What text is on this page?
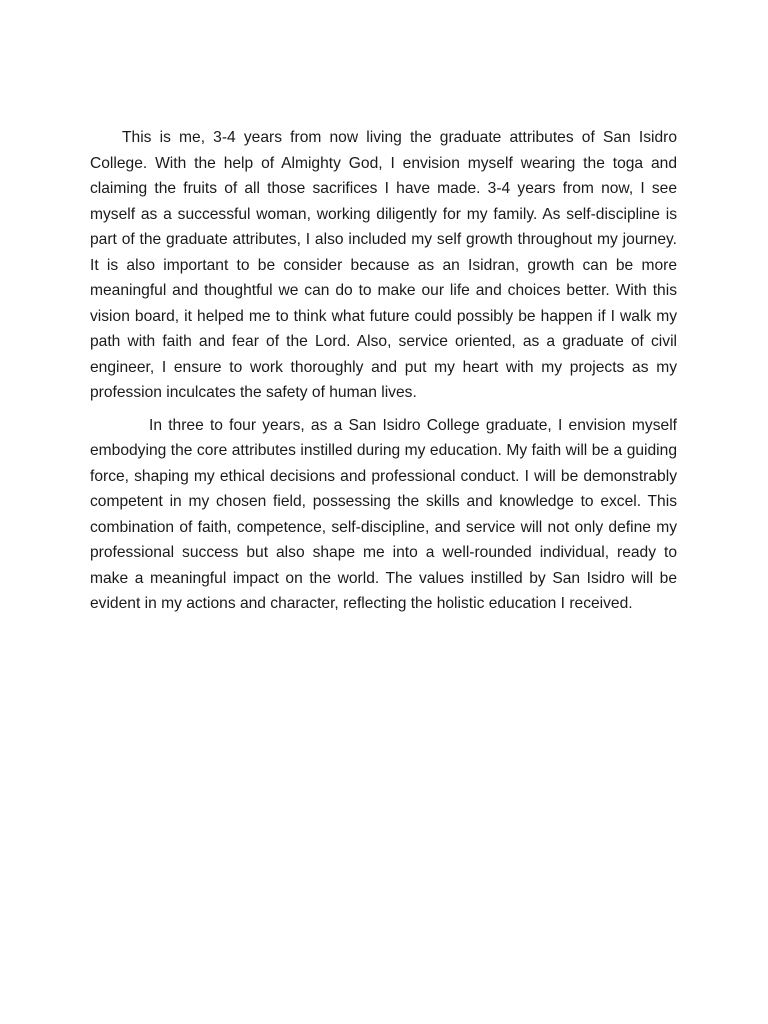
This is me, 3-4 years from now living the graduate attributes of San Isidro College. With the help of Almighty God, I envision myself wearing the toga and claiming the fruits of all those sacrifices I have made. 3-4 years from now, I see myself as a successful woman, working diligently for my family. As self-discipline is part of the graduate attributes, I also included my self growth throughout my journey. It is also important to be consider because as an Isidran, growth can be more meaningful and thoughtful we can do to make our life and choices better. With this vision board, it helped me to think what future could possibly be happen if I walk my path with faith and fear of the Lord. Also, service oriented, as a graduate of civil engineer, I ensure to work thoroughly and put my heart with my projects as my profession inculcates the safety of human lives.

In three to four years, as a San Isidro College graduate, I envision myself embodying the core attributes instilled during my education. My faith will be a guiding force, shaping my ethical decisions and professional conduct. I will be demonstrably competent in my chosen field, possessing the skills and knowledge to excel. This combination of faith, competence, self-discipline, and service will not only define my professional success but also shape me into a well-rounded individual, ready to make a meaningful impact on the world. The values instilled by San Isidro will be evident in my actions and character, reflecting the holistic education I received.
